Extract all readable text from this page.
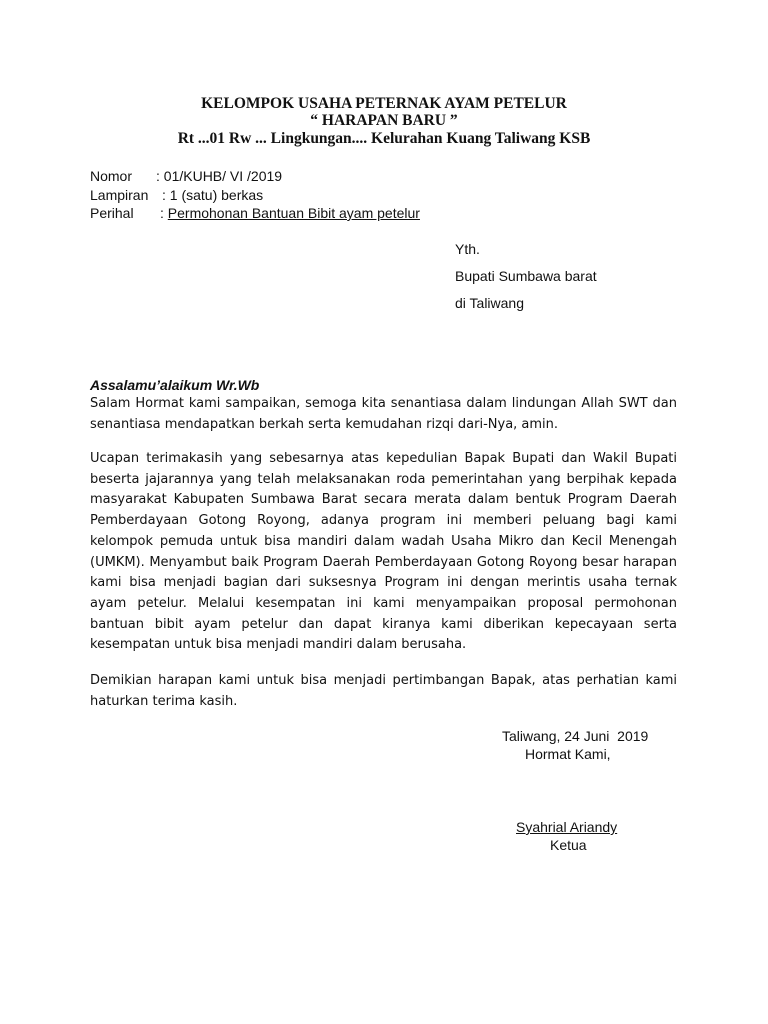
KELOMPOK USAHA PETERNAK AYAM PETELUR
“ HARAPAN BARU ”
Rt ...01 Rw ... Lingkungan.... Kelurahan Kuang Taliwang KSB
Nomor : 01/KUHB/ VI /2019
Lampiran : 1 (satu) berkas
Perihal : Permohonan Bantuan Bibit ayam petelur
Yth.
Bupati Sumbawa barat
di Taliwang
Assalamu’alaikum Wr.Wb
Salam Hormat kami sampaikan, semoga kita senantiasa dalam lindungan Allah SWT dan senantiasa mendapatkan berkah serta kemudahan rizqi dari-Nya, amin.
Ucapan terimakasih yang sebesarnya atas kepedulian Bapak Bupati dan Wakil Bupati beserta jajarannya yang telah melaksanakan roda pemerintahan yang berpihak kepada masyarakat Kabupaten Sumbawa Barat secara merata dalam bentuk Program Daerah Pemberdayaan Gotong Royong, adanya program ini memberi peluang bagi kami kelompok pemuda untuk bisa mandiri dalam wadah Usaha Mikro dan Kecil Menengah (UMKM). Menyambut baik Program Daerah Pemberdayaan Gotong Royong besar harapan kami bisa menjadi bagian dari suksesnya Program ini dengan merintis usaha ternak ayam petelur. Melalui kesempatan ini kami menyampaikan proposal permohonan bantuan bibit ayam petelur dan dapat kiranya kami diberikan kepecayaan serta kesempatan untuk bisa menjadi mandiri dalam berusaha.
Demikian harapan kami untuk bisa menjadi pertimbangan Bapak, atas perhatian kami haturkan terima kasih.
Taliwang, 24 Juni  2019
Hormat Kami,
Syahrial Ariandy
Ketua
